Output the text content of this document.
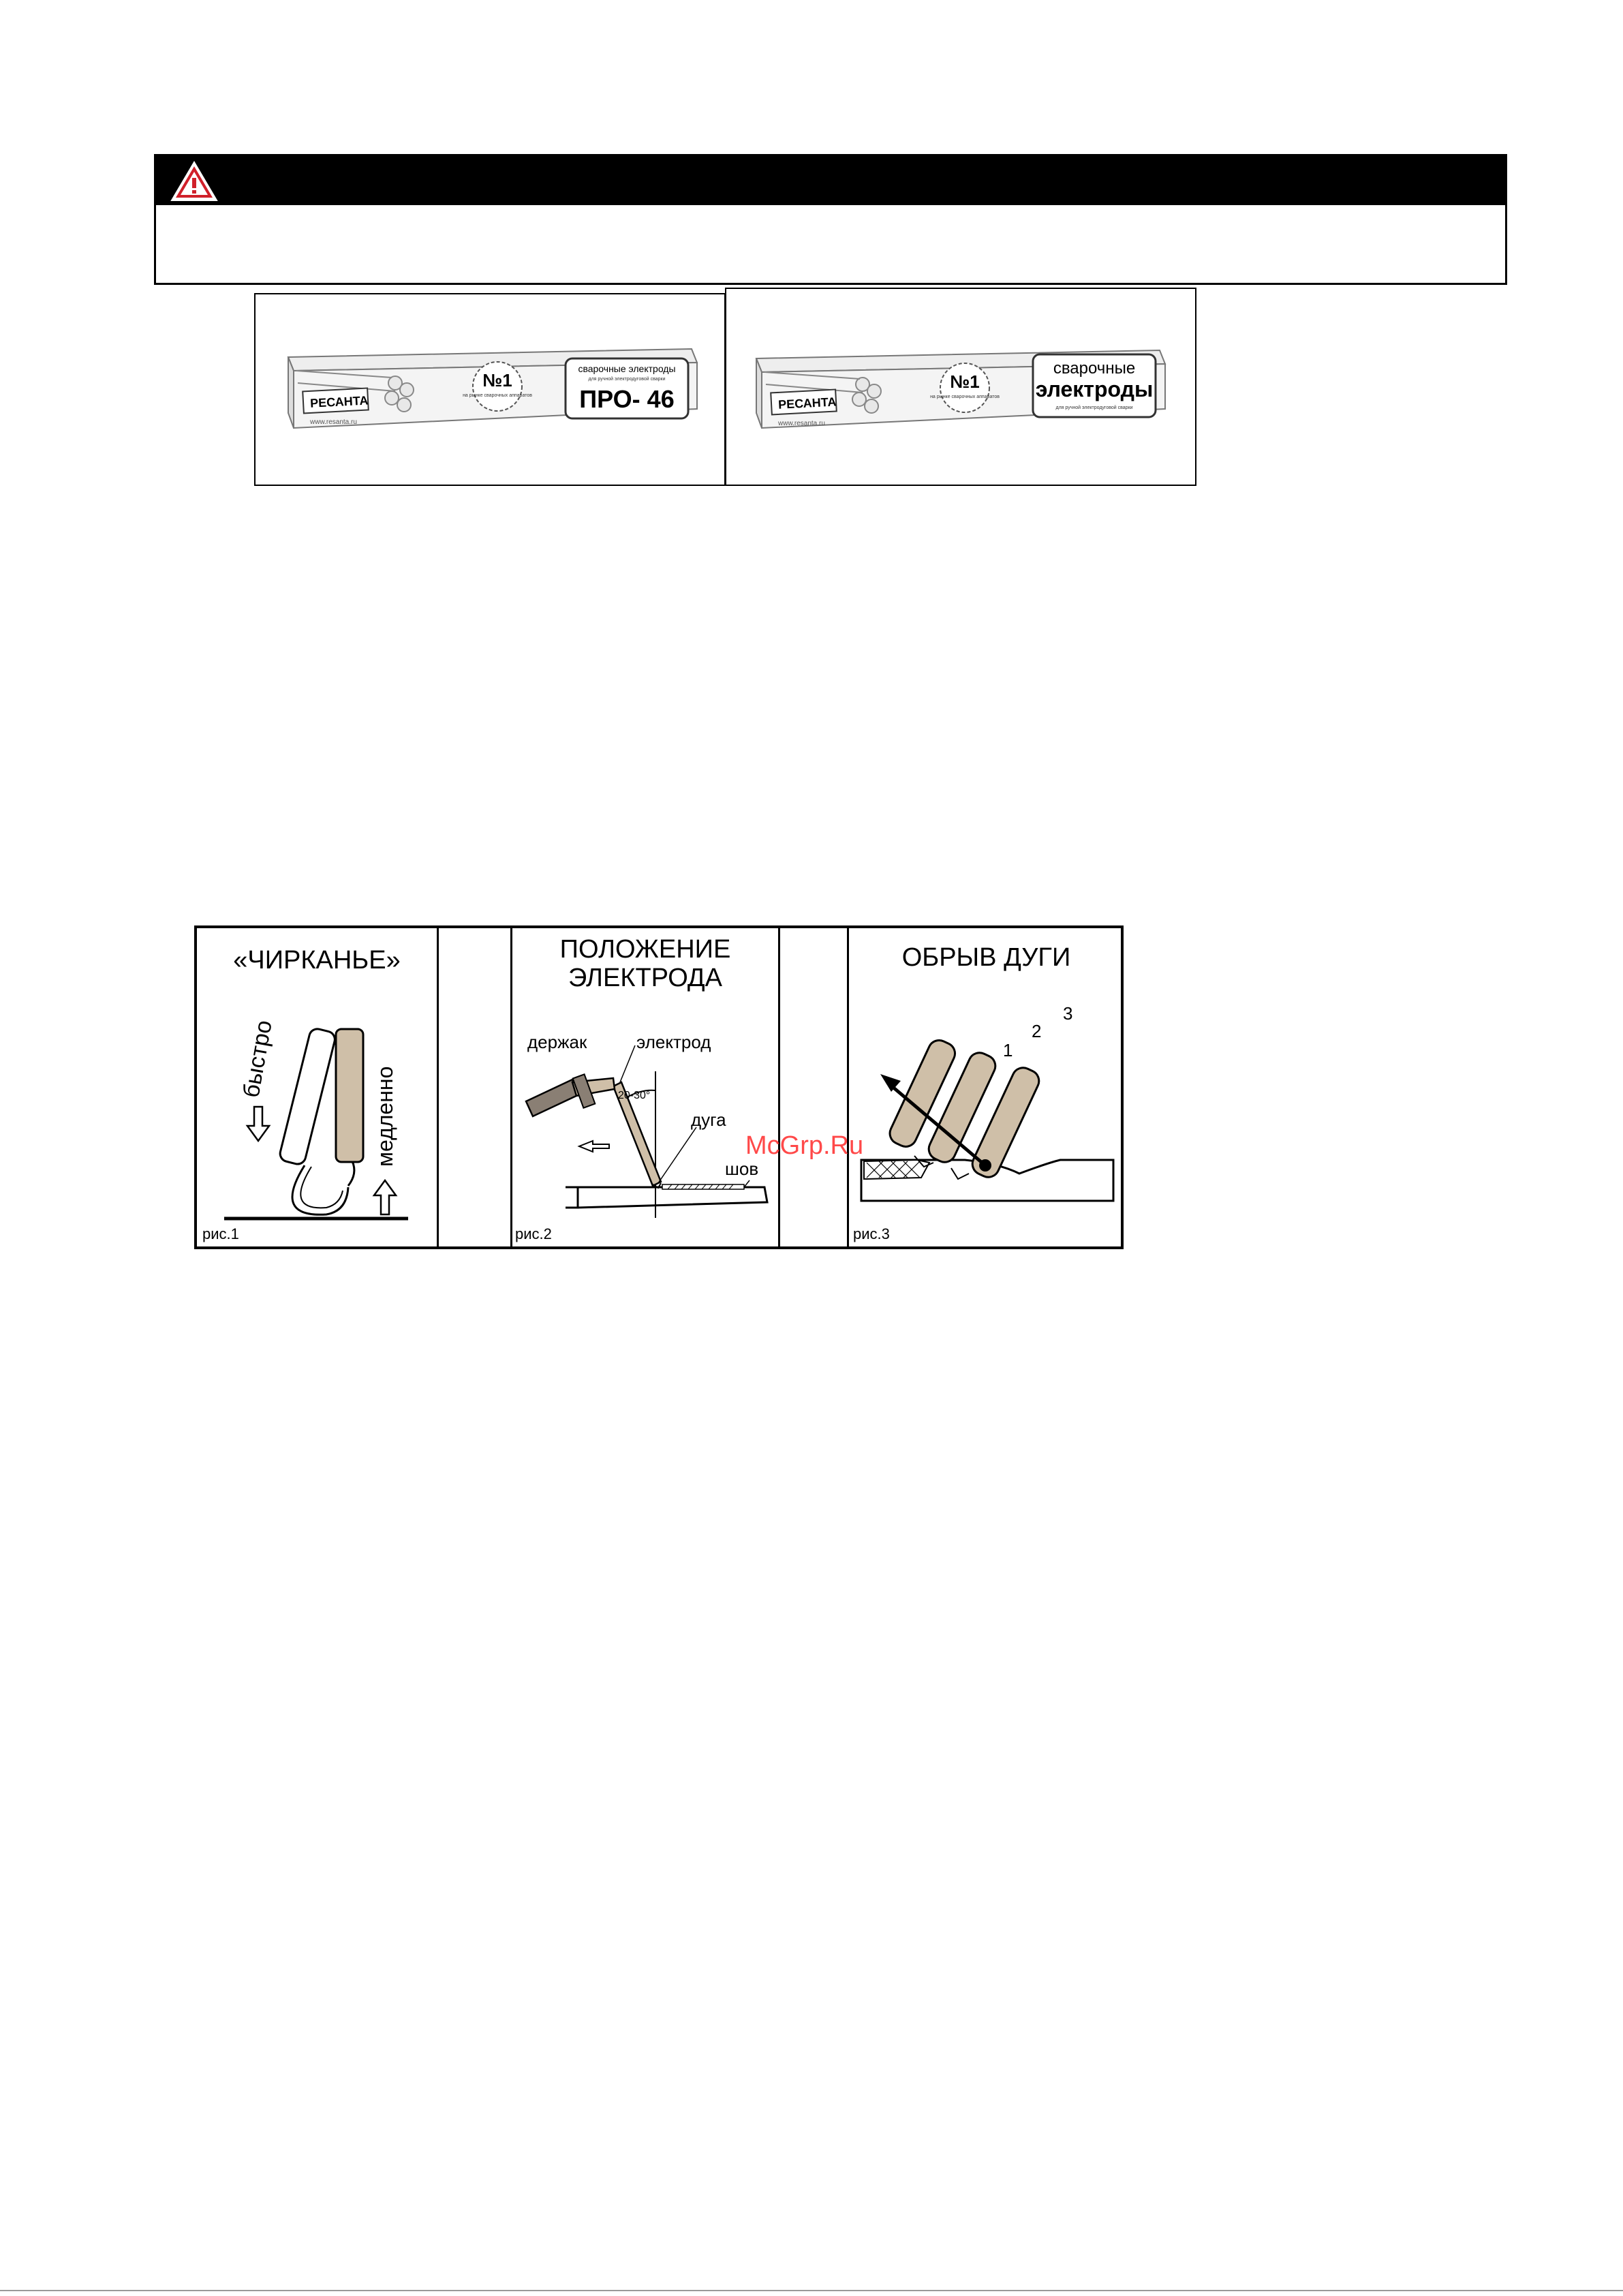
РЕСАНТА
www.resanta.ru
№1
на рынке сварочных аппаратов
сварочные электроды
для ручной электродуговой сварки
ПРО- 46	РЕСАНТА
www.resanta.ru
№1
на рынке сварочных аппаратов
сварочные
электроды
для ручной электродуговой сварки
«ЧИРКАНЬЕ»
быстро
медленно
рис.1
ПОЛОЖЕНИЕ
ЭЛЕКТРОДА
держак	электрод
20-30°
дуга
шов
рис.2
ОБРЫВ ДУГИ
1
2
3
рис.3
McGrp.Ru
